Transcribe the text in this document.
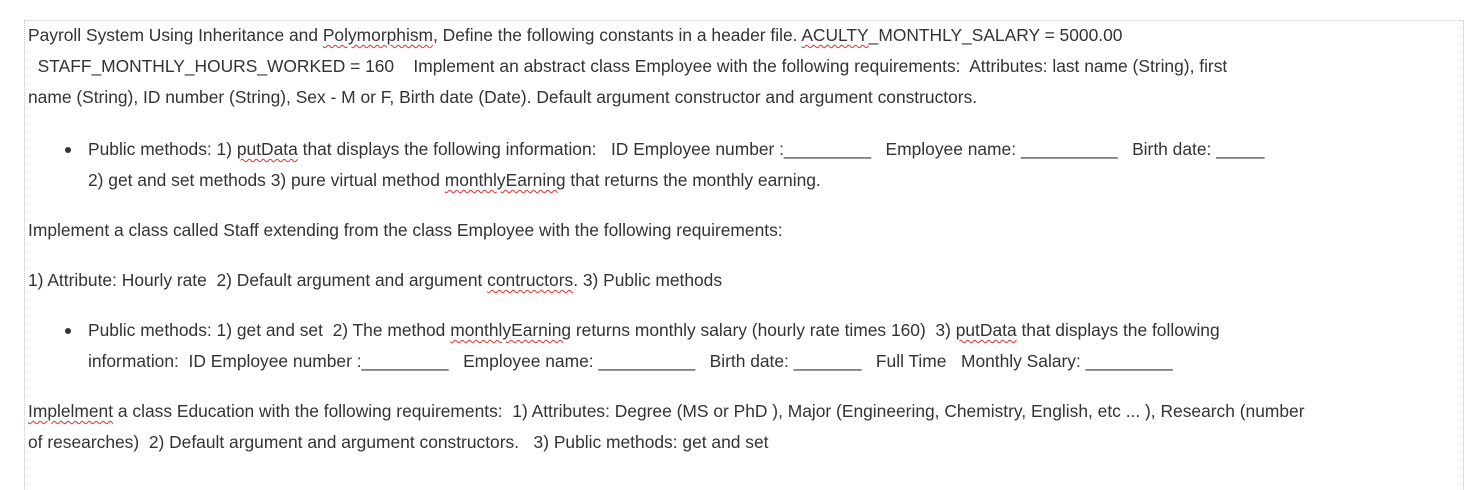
Payroll System Using Inheritance and Polymorphism, Define the following constants in a header file. ACULTY_MONTHLY_SALARY = 5000.00
STAFF_MONTHLY_HOURS_WORKED = 160    Implement an abstract class Employee with the following requirements:  Attributes: last name (String), first
name (String), ID number (String), Sex - M or F, Birth date (Date). Default argument constructor and argument constructors.
Public methods: 1) putData that displays the following information:   ID Employee number :_________   Employee name: __________   Birth date: _____
2) get and set methods 3) pure virtual method monthlyEarning that returns the monthly earning.
Implement a class called Staff extending from the class Employee with the following requirements:
1) Attribute: Hourly rate  2) Default argument and argument contructors. 3) Public methods
Public methods: 1) get and set  2) The method monthlyEarning returns monthly salary (hourly rate times 160)  3) putData that displays the following
information:  ID Employee number :_________   Employee name: __________   Birth date: _______   Full Time   Monthly Salary: _________
Implelment a class Education with the following requirements:  1) Attributes: Degree (MS or PhD ), Major (Engineering, Chemistry, English, etc ... ), Research (number
of researches)  2) Default argument and argument constructors.   3) Public methods: get and set
